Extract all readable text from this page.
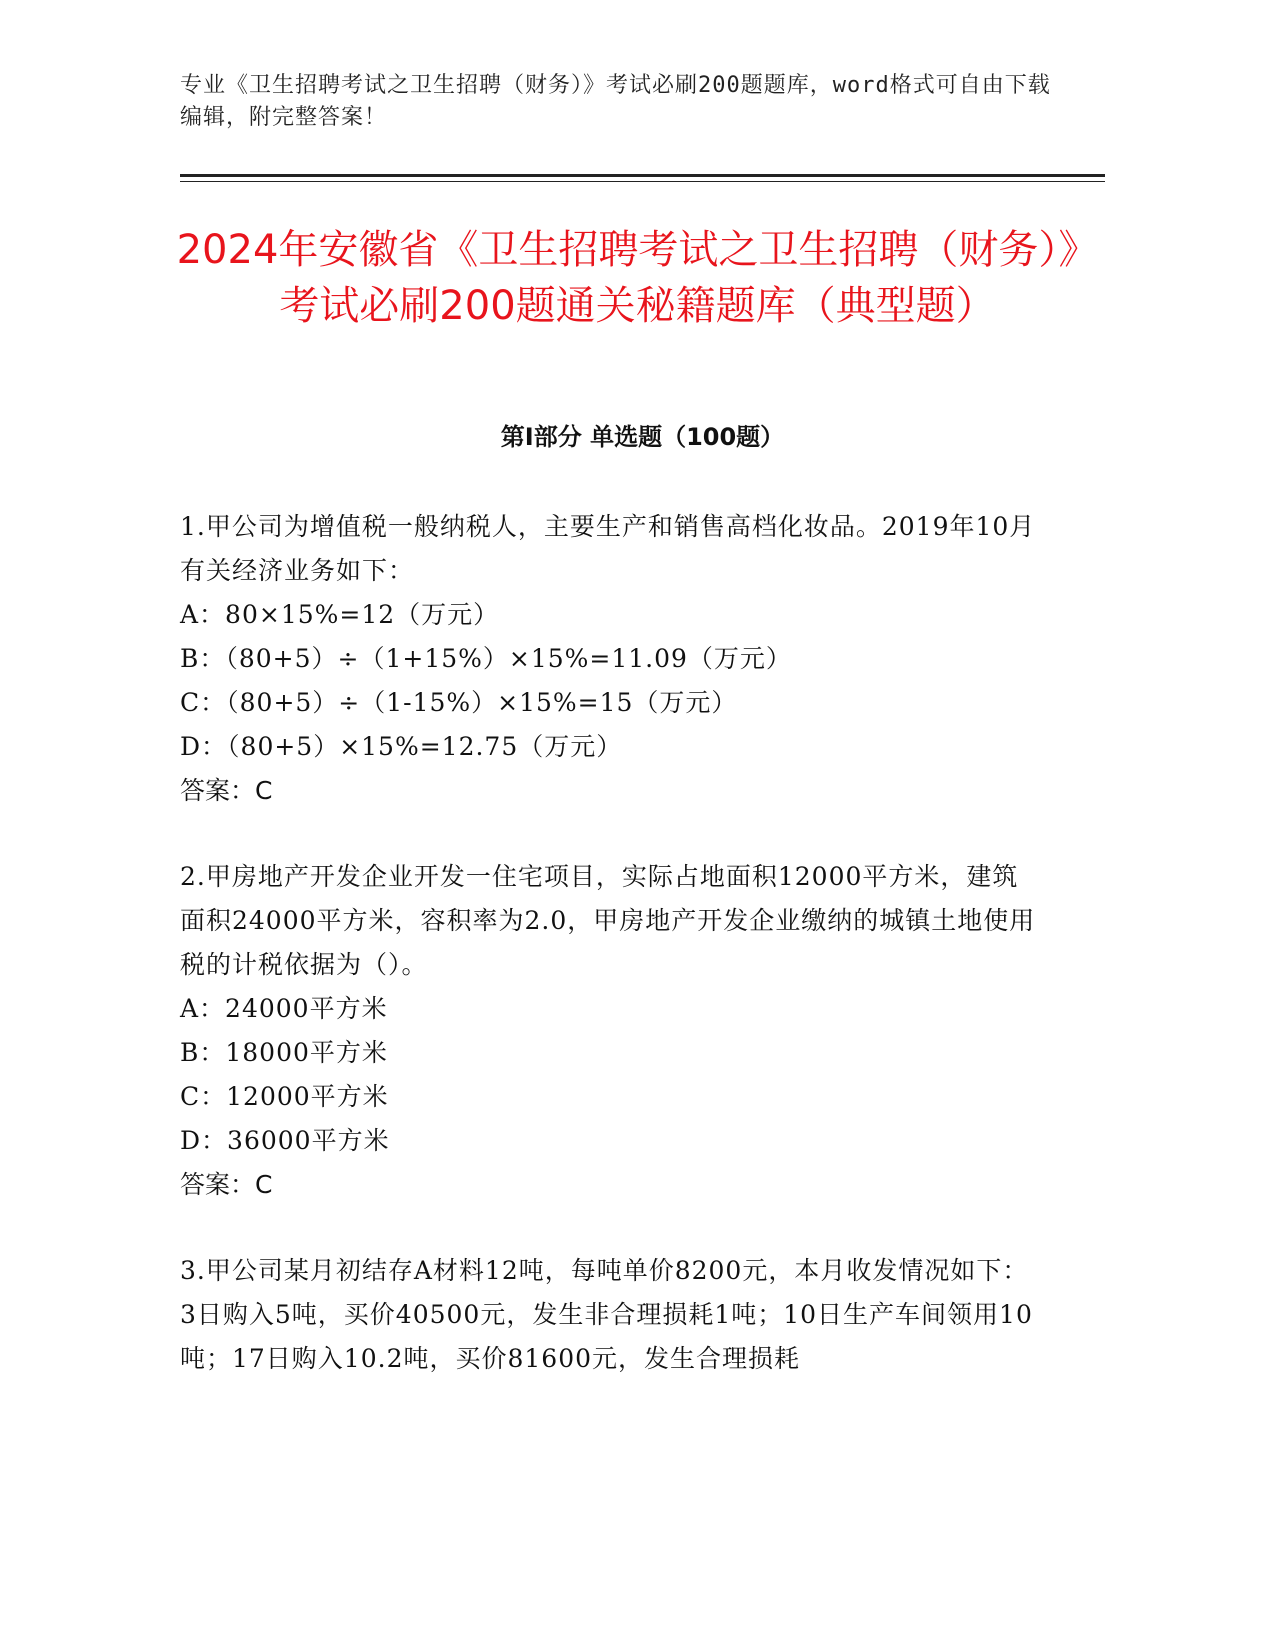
专业《卫生招聘考试之卫生招聘（财务）》考试必刷200题题库，word格式可自由下载编辑，附完整答案！
2024年安徽省《卫生招聘考试之卫生招聘（财务）》考试必刷200题通关秘籍题库（典型题）
第Ⅰ部分 单选题（100题）

1.甲公司为增值税一般纳税人，主要生产和销售高档化妆品。2019年10月有关经济业务如下：

A：80×15%=12（万元）

B：（80+5）÷（1+15%）×15%=11.09（万元）

C：（80+5）÷（1-15%）×15%=15（万元）

D：（80+5）×15%=12.75（万元）

答案：C

2.甲房地产开发企业开发一住宅项目，实际占地面积12000平方米，建筑面积24000平方米，容积率为2.0，甲房地产开发企业缴纳的城镇土地使用税的计税依据为（）。

A：24000平方米

B：18000平方米

C：12000平方米

D：36000平方米

答案：C

3.甲公司某月初结存A材料12吨，每吨单价8200元，本月收发情况如下：3日购入5吨，买价40500元，发生非合理损耗1吨；10日生产车间领用10吨；17日购入10.2吨，买价81600元，发生合理损耗
